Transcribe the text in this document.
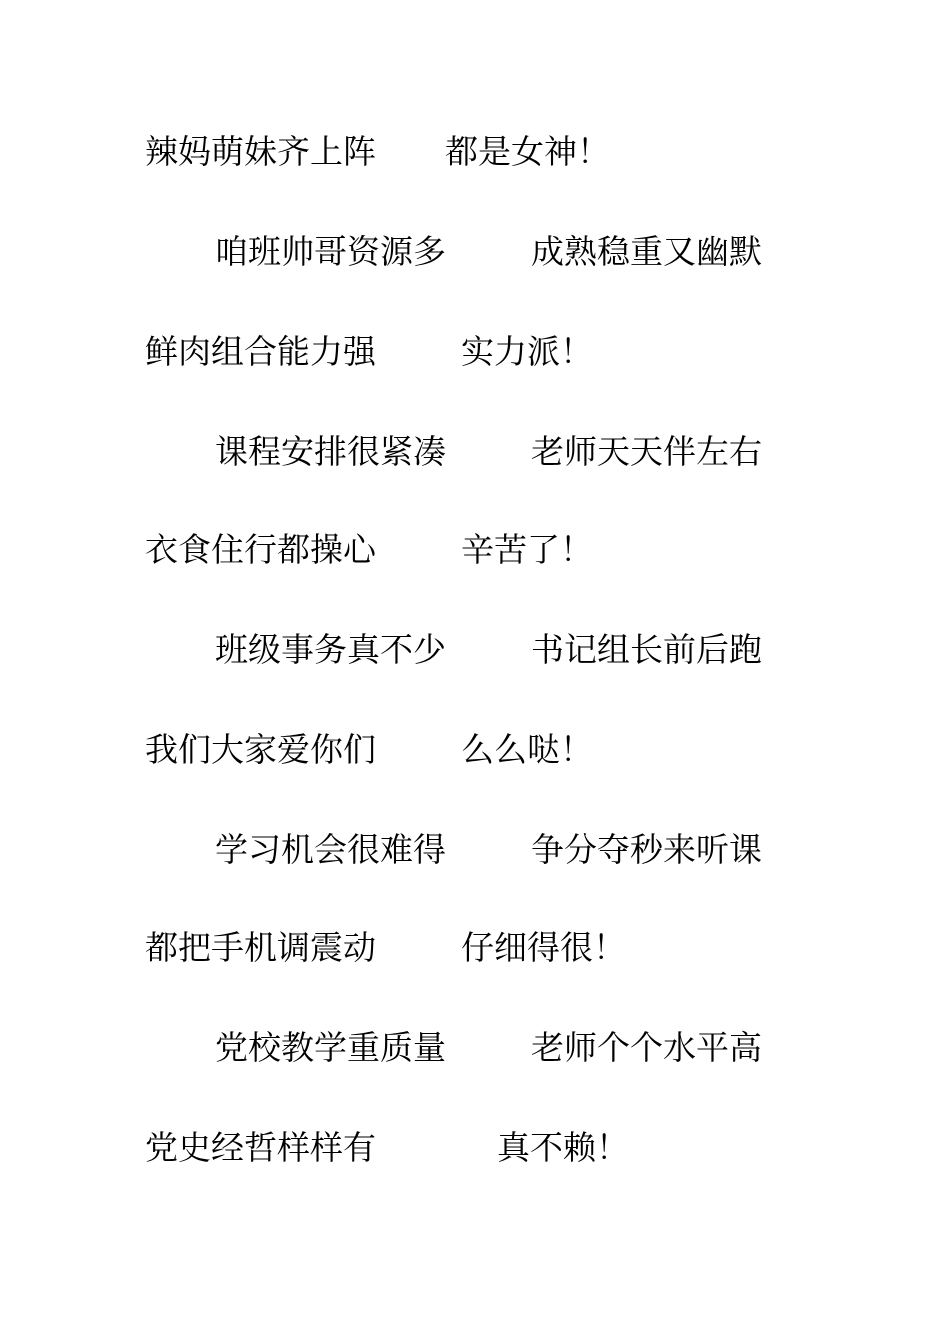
辣妈萌妹齐上阵 都是女神！
咱班帅哥资源多	成熟稳重又幽默
鲜肉组合能力强	实力派！
课程安排很紧凑	老师天天伴左右
衣食住行都操心	辛苦了！
班级事务真不少	书记组长前后跑
我们大家爱你们	么么哒！
学习机会很难得	争分夺秒来听课
都把手机调震动	仔细得很！
党校教学重质量	老师个个水平高
党史经哲样样有	真不赖！
